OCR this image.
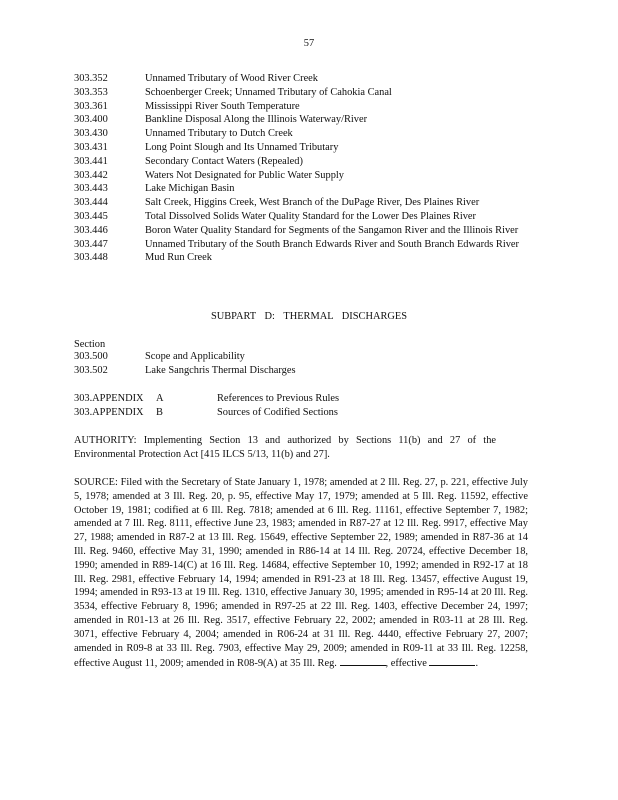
57
303.352	Unnamed Tributary of Wood River Creek
303.353	Schoenberger Creek; Unnamed Tributary of Cahokia Canal
303.361	Mississippi River South Temperature
303.400	Bankline Disposal Along the Illinois Waterway/River
303.430	Unnamed Tributary to Dutch Creek
303.431	Long Point Slough and Its Unnamed Tributary
303.441	Secondary Contact Waters (Repealed)
303.442	Waters Not Designated for Public Water Supply
303.443	Lake Michigan Basin
303.444	Salt Creek, Higgins Creek, West Branch of the DuPage River, Des Plaines River
303.445	Total Dissolved Solids Water Quality Standard for the Lower Des Plaines River
303.446	Boron Water Quality Standard for Segments of the Sangamon River and the Illinois River
303.447	Unnamed Tributary of the South Branch Edwards River and South Branch Edwards River
303.448	Mud Run Creek
SUBPART D: THERMAL DISCHARGES
Section
303.500	Scope and Applicability
303.502	Lake Sangchris Thermal Discharges
303.APPENDIX	A	References to Previous Rules
303.APPENDIX	B	Sources of Codified Sections

AUTHORITY: Implementing Section 13 and authorized by Sections 11(b) and 27 of the Environmental Protection Act [415 ILCS 5/13, 11(b) and 27].

SOURCE: Filed with the Secretary of State January 1, 1978; amended at 2 Ill. Reg. 27, p. 221, effective July 5, 1978; amended at 3 Ill. Reg. 20, p. 95, effective May 17, 1979; amended at 5 Ill. Reg. 11592, effective October 19, 1981; codified at 6 Ill. Reg. 7818; amended at 6 Ill. Reg. 11161, effective September 7, 1982; amended at 7 Ill. Reg. 8111, effective June 23, 1983; amended in R87-27 at 12 Ill. Reg. 9917, effective May 27, 1988; amended in R87-2 at 13 Ill. Reg. 15649, effective September 22, 1989; amended in R87-36 at 14 Ill. Reg. 9460, effective May 31, 1990; amended in R86-14 at 14 Ill. Reg. 20724, effective December 18, 1990; amended in R89-14(C) at 16 Ill. Reg. 14684, effective September 10, 1992; amended in R92-17 at 18 Ill. Reg. 2981, effective February 14, 1994; amended in R91-23 at 18 Ill. Reg. 13457, effective August 19, 1994; amended in R93-13 at 19 Ill. Reg. 1310, effective January 30, 1995; amended in R95-14 at 20 Ill. Reg. 3534, effective February 8, 1996; amended in R97-25 at 22 Ill. Reg. 1403, effective December 24, 1997; amended in R01-13 at 26 Ill. Reg. 3517, effective February 22, 2002; amended in R03-11 at 28 Ill. Reg. 3071, effective February 4, 2004; amended in R06-24 at 31 Ill. Reg. 4440, effective February 27, 2007; amended in R09-8 at 33 Ill. Reg. 7903, effective May 29, 2009; amended in R09-11 at 33 Ill. Reg. 12258, effective August 11, 2009; amended in R08-9(A) at 35 Ill. Reg.	, effective	.
